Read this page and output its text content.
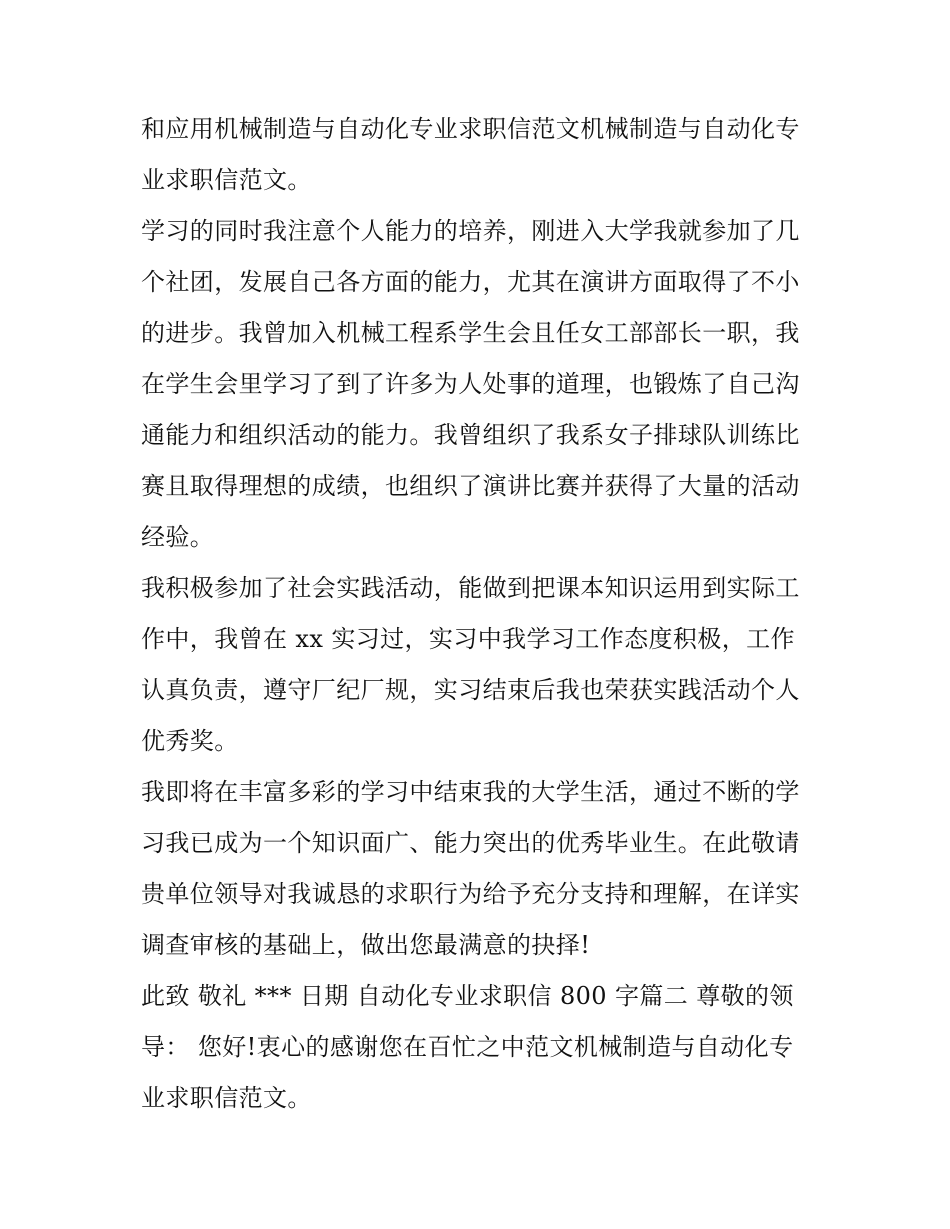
和应用机械制造与自动化专业求职信范文机械制造与自动化专
业求职信范文。
学习的同时我注意个人能力的培养，刚进入大学我就参加了几
个社团，发展自己各方面的能力，尤其在演讲方面取得了不小
的进步。我曾加入机械工程系学生会且任女工部部长一职，我
在学生会里学习了到了许多为人处事的道理，也锻炼了自己沟
通能力和组织活动的能力。我曾组织了我系女子排球队训练比
赛且取得理想的成绩，也组织了演讲比赛并获得了大量的活动
经验。
我积极参加了社会实践活动，能做到把课本知识运用到实际工
作中，我曾在 xx 实习过，实习中我学习工作态度积极，工作
认真负责，遵守厂纪厂规，实习结束后我也荣获实践活动个人
优秀奖。
我即将在丰富多彩的学习中结束我的大学生活，通过不断的学
习我已成为一个知识面广、能力突出的优秀毕业生。在此敬请
贵单位领导对我诚恳的求职行为给予充分支持和理解，在详实
调查审核的基础上，做出您最满意的抉择!
此致 敬礼 *** 日期 自动化专业求职信 800 字篇二 尊敬的领
导： 您好!衷心的感谢您在百忙之中范文机械制造与自动化专
业求职信范文。
